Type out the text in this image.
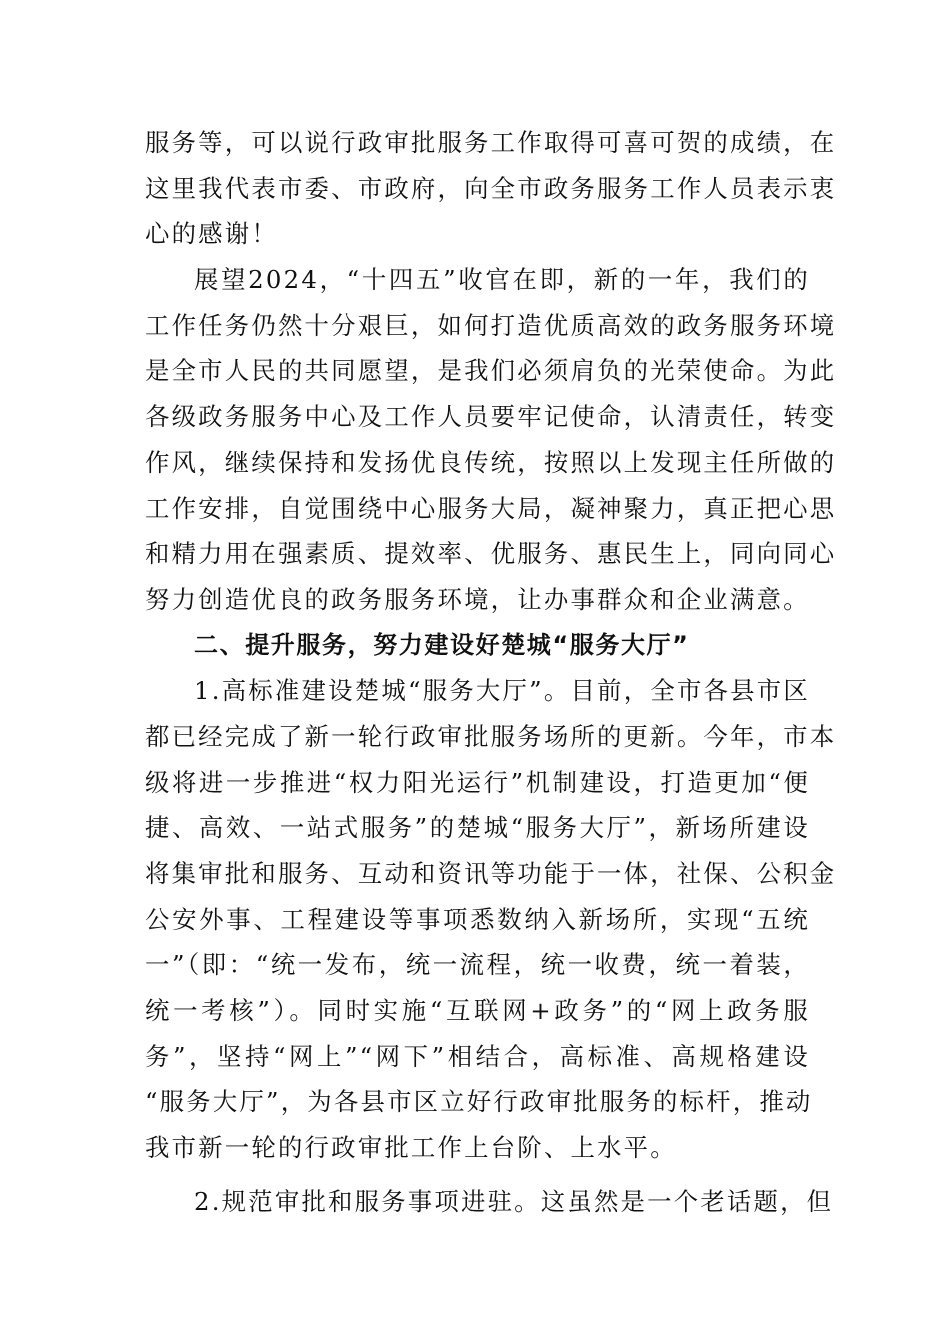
服务等，可以说行政审批服务工作取得可喜可贺的成绩，在
这里我代表市委、市政府，向全市政务服务工作人员表示衷
心的感谢！
展望2024，“十四五”收官在即，新的一年，我们的
工作任务仍然十分艰巨，如何打造优质高效的政务服务环境
是全市人民的共同愿望，是我们必须肩负的光荣使命。为此
各级政务服务中心及工作人员要牢记使命，认清责任，转变
作风，继续保持和发扬优良传统，按照以上发现主任所做的
工作安排，自觉围绕中心服务大局，凝神聚力，真正把心思
和精力用在强素质、提效率、优服务、惠民生上，同向同心
努力创造优良的政务服务环境，让办事群众和企业满意。
二、提升服务，努力建设好楚城“服务大厅”
1.高标准建设楚城“服务大厅”。目前，全市各县市区
都已经完成了新一轮行政审批服务场所的更新。今年，市本
级将进一步推进“权力阳光运行”机制建设，打造更加“便
捷、高效、一站式服务”的楚城“服务大厅”，新场所建设
将集审批和服务、互动和资讯等功能于一体，社保、公积金
公安外事、工程建设等事项悉数纳入新场所，实现“五统
一”（即：“统一发布，统一流程，统一收费，统一着装，
统一考核”）。同时实施“互联网+政务”的“网上政务服
务”，坚持“网上”“网下”相结合，高标准、高规格建设
“服务大厅”，为各县市区立好行政审批服务的标杆，推动
我市新一轮的行政审批工作上台阶、上水平。
2.规范审批和服务事项进驻。这虽然是一个老话题，但
